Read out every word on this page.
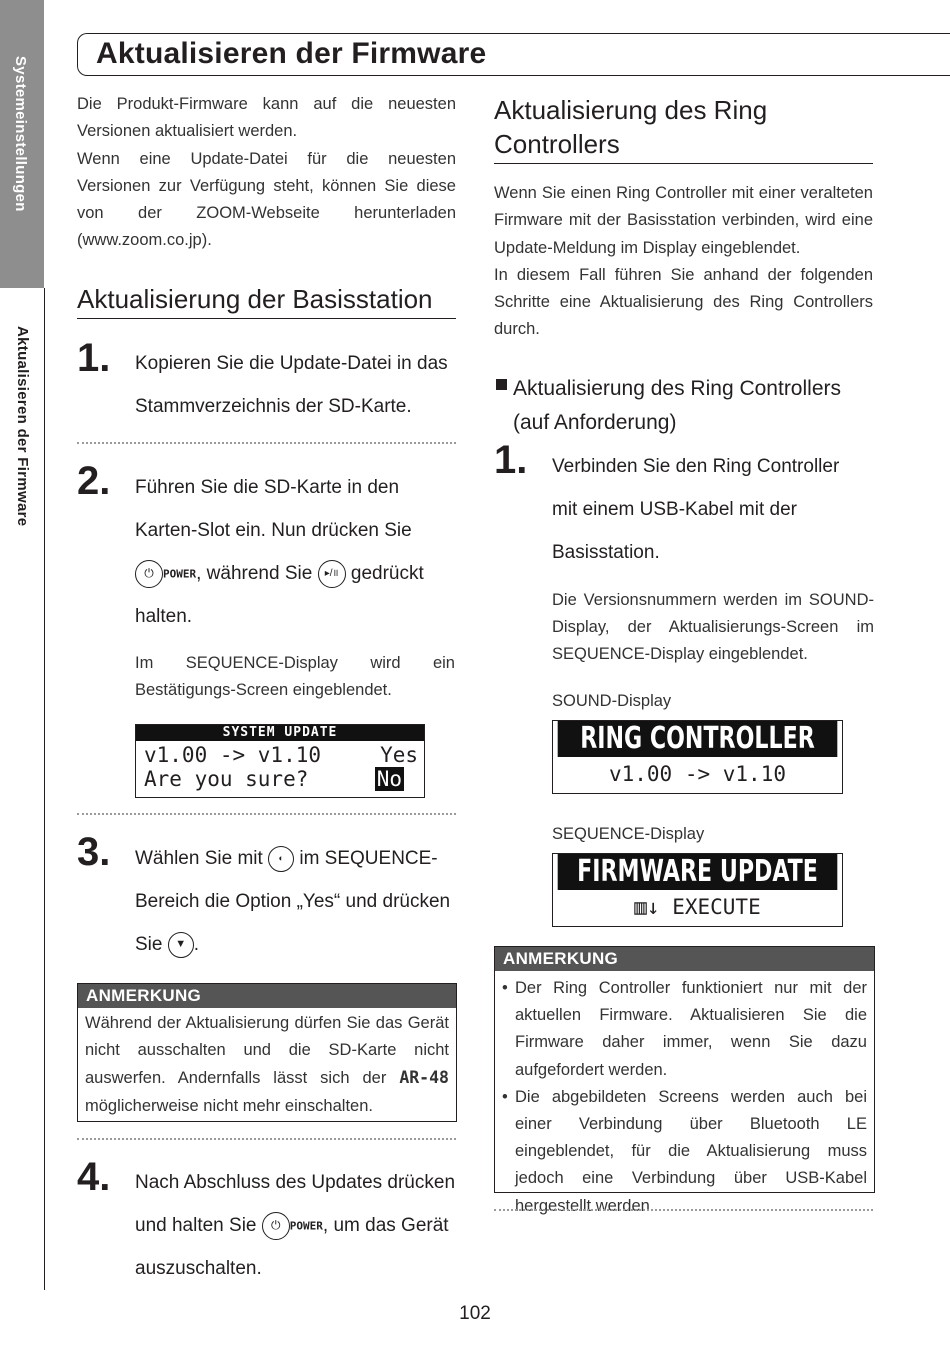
Systemeinstellungen
Aktualisieren der Firmware
Aktualisieren der Firmware

Die Produkt-Firmware kann auf die neuesten Versionen aktualisiert werden.
Wenn eine Update-Datei für die neuesten Versionen zur Verfügung steht, können Sie diese von der ZOOM-Webseite herunterladen (www.zoom.co.jp).

Aktualisierung der Basisstation
1. Kopieren Sie die Update-Datei in das Stammverzeichnis der SD-Karte.

2. Führen Sie die SD-Karte in den Karten-Slot ein. Nun drücken Sie
⏻ POWER, während Sie ▸/॥ gedrückt halten.

Im SEQUENCE-Display wird ein Bestätigungs-Screen eingeblendet.

SYSTEM UPDATE
v1.00 -> v1.10	Yes
Are you sure?	No
3. Wählen Sie mit ◐ im SEQUENCE-Bereich die Option „Yes“ und drücken Sie ▼ .

ANMERKUNG
Während der Aktualisierung dürfen Sie das Gerät nicht ausschalten und die SD-Karte nicht auswerfen. Andernfalls lässt sich der AR-48 möglicherweise nicht mehr einschalten.
4. Nach Abschluss des Updates drücken und halten Sie ⏻ POWER, um das Gerät auszuschalten.

Aktualisierung des Ring Controllers

Wenn Sie einen Ring Controller mit einer veralteten Firmware mit der Basisstation verbinden, wird eine Update-Meldung im Display eingeblendet.
In diesem Fall führen Sie anhand der folgenden Schritte eine Aktualisierung des Ring Controllers durch.

Aktualisierung des Ring Controllers (auf Anforderung)

1. Verbinden Sie den Ring Controller mit einem USB-Kabel mit der Basisstation.

Die Versionsnummern werden im SOUND-Display, der Aktualisierungs-Screen im SEQUENCE-Display eingeblendet.

SOUND-Display
RING CONTROLLER
v1.00 -> v1.10
SEQUENCE-Display
FIRMWARE UPDATE
▥↓ EXECUTE
ANMERKUNG
• Der Ring Controller funktioniert nur mit der aktuellen Firmware. Aktualisieren Sie die Firmware daher immer, wenn Sie dazu aufgefordert werden.
• Die abgebildeten Screens werden auch bei einer Verbindung über Bluetooth LE eingeblendet, für die Aktualisierung muss jedoch eine Verbindung über USB-Kabel hergestellt werden.
102
